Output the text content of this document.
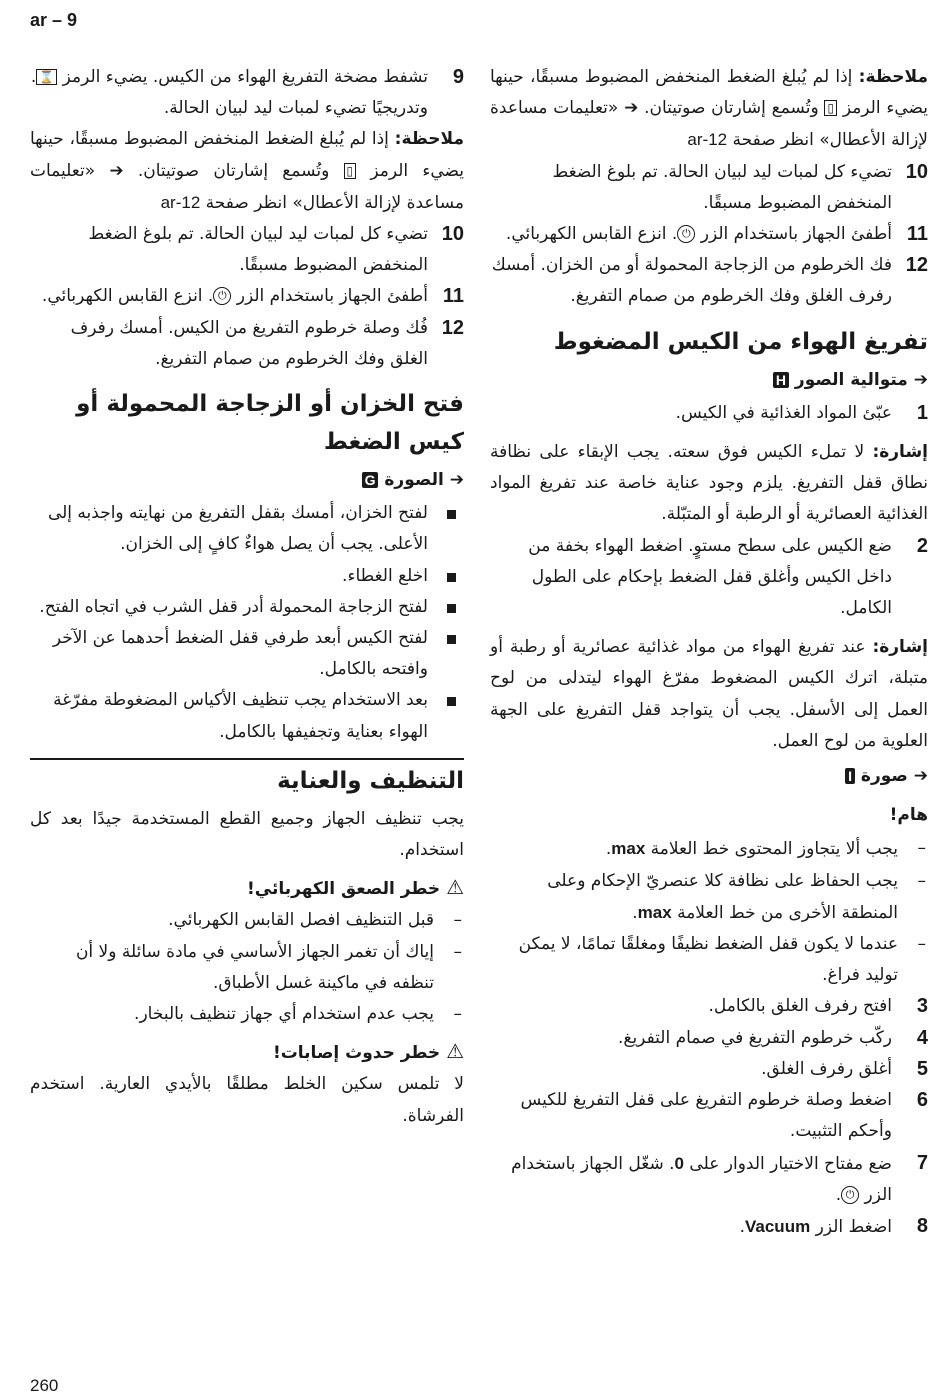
ar – 9

ملاحظة: إذا لم يُبلغ الضغط المنخفض المضبوط مسبقًا، حينها يضيء الرمز ▯ وتُسمع إشارتان صوتيتان. ➔ «تعليمات مساعدة لإزالة الأعطال» انظر صفحة ar-12

10
تضيء كل لمبات ليد لبيان الحالة. تم بلوغ الضغط المنخفض المضبوط مسبقًا.
11
أطفئ الجهاز باستخدام الزر ⏻. انزع القابس الكهربائي.
12
فك الخرطوم من الزجاجة المحمولة أو من الخزان. أمسك رفرف الغلق وفك الخرطوم من صمام التفريغ.
تفريغ الهواء من الكيس المضغوط
➔ متوالية الصور H
1
عبّئ المواد الغذائية في الكيس.

إشارة: لا تملء الكيس فوق سعته. يجب الإبقاء على نظافة نطاق قفل التفريغ. يلزم وجود عناية خاصة عند تفريغ المواد الغذائية العصائرية أو الرطبة أو المتبّلة.

2
ضع الكيس على سطح مستوٍ. اضغط الهواء بخفة من داخل الكيس وأغلق قفل الضغط بإحكام على الطول الكامل.

إشارة: عند تفريغ الهواء من مواد غذائية عصائرية أو رطبة أو متبلة، اترك الكيس المضغوط مفرّغ الهواء ليتدلى من لوح العمل إلى الأسفل. يجب أن يتواجد قفل التفريغ على الجهة العلوية من لوح العمل.

➔ صورة I
هام!
–
يجب ألا يتجاوز المحتوى خط العلامة max.
–
يجب الحفاظ على نظافة كلا عنصريّ الإحكام وعلى المنطقة الأخرى من خط العلامة max.
–
عندما لا يكون قفل الضغط نظيفًا ومغلقًا تمامًا، لا يمكن توليد فراغ.
3
افتح رفرف الغلق بالكامل.
4
ركّب خرطوم التفريغ في صمام التفريغ.
5
أغلق رفرف الغلق.
6
اضغط وصلة خرطوم التفريغ على قفل التفريغ للكيس وأحكم التثبيت.
7
ضع مفتاح الاختيار الدوار على 0. شغّل الجهاز باستخدام الزر ⏻.
8
اضغط الزر Vacuum.
9
تشفط مضخة التفريغ الهواء من الكيس. يضيء الرمز ⌛. وتدريجيًا تضيء لمبات ليد لبيان الحالة.

ملاحظة: إذا لم يُبلغ الضغط المنخفض المضبوط مسبقًا، حينها يضيء الرمز ▯ وتُسمع إشارتان صوتيتان. ➔ «تعليمات مساعدة لإزالة الأعطال» انظر صفحة ar-12

10
تضيء كل لمبات ليد لبيان الحالة. تم بلوغ الضغط المنخفض المضبوط مسبقًا.
11
أطفئ الجهاز باستخدام الزر ⏻. انزع القابس الكهربائي.
12
فُك وصلة خرطوم التفريغ من الكيس. أمسك رفرف الغلق وفك الخرطوم من صمام التفريغ.
فتح الخزان أو الزجاجة المحمولة أو كيس الضغط
➔ الصورة G
لفتح الخزان، أمسك بقفل التفريغ من نهايته واجذبه إلى الأعلى. يجب أن يصل هواءٌ كافٍ إلى الخزان.
اخلع الغطاء.
لفتح الزجاجة المحمولة أدر قفل الشرب في اتجاه الفتح.
لفتح الكيس أبعد طرفي قفل الضغط أحدهما عن الآخر وافتحه بالكامل.
بعد الاستخدام يجب تنظيف الأكياس المضغوطة مفرّغة الهواء بعناية وتجفيفها بالكامل.
التنظيف والعناية

يجب تنظيف الجهاز وجميع القطع المستخدمة جيدًا بعد كل استخدام.

⚠ خطر الصعق الكهربائي!
–
قبل التنظيف افصل القابس الكهربائي.
–
إياك أن تغمر الجهاز الأساسي في مادة سائلة ولا أن تنظفه في ماكينة غسل الأطباق.
–
يجب عدم استخدام أي جهاز تنظيف بالبخار.
⚠ خطر حدوث إصابات!

لا تلمس سكين الخلط مطلقًا بالأيدي العارية. استخدم الفرشاة.

260
